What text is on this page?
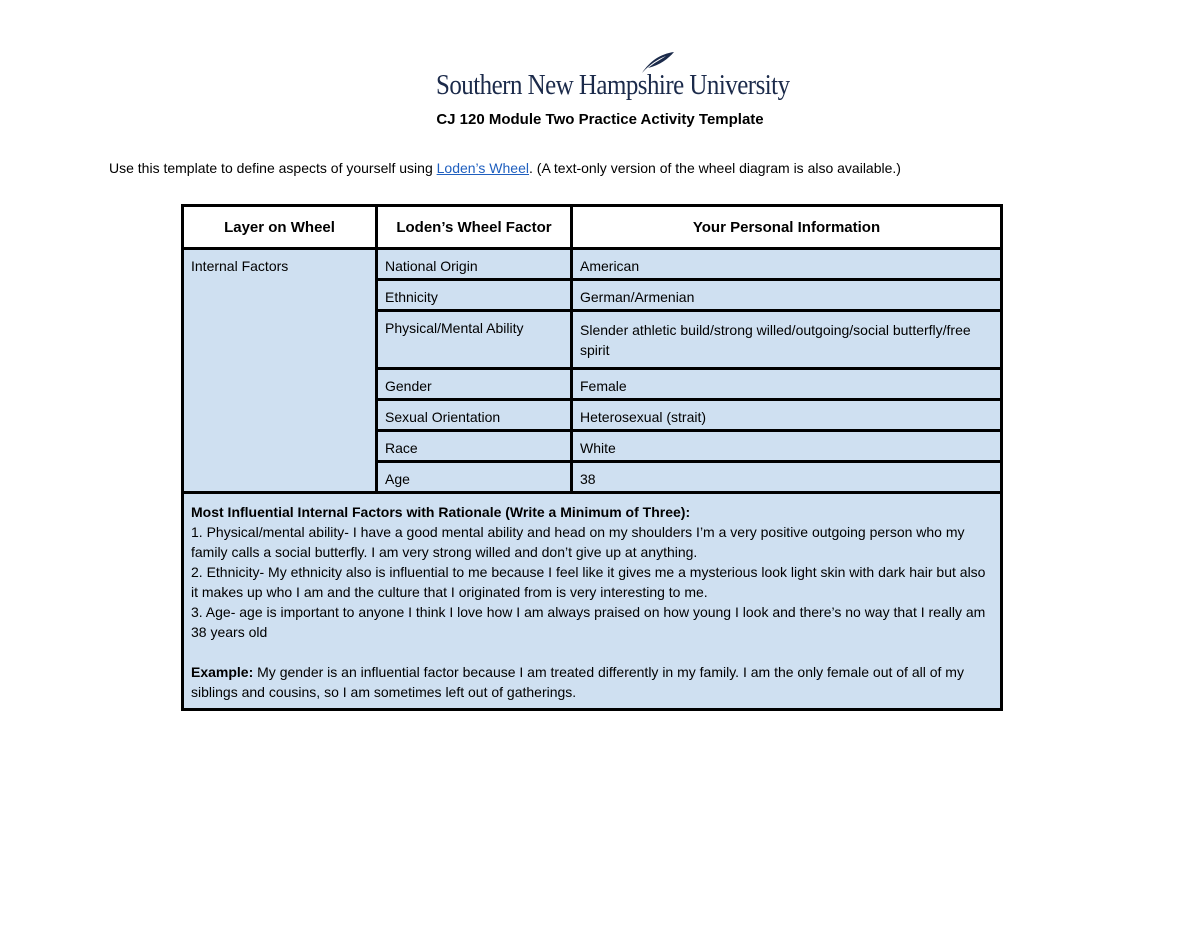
Southern New Hampshire University
CJ 120 Module Two Practice Activity Template
Use this template to define aspects of yourself using Loden’s Wheel. (A text-only version of the wheel diagram is also available.)
Layer on Wheel	Loden’s Wheel Factor	Your Personal Information
Internal Factors	National Origin	American
	Ethnicity	German/Armenian
	Physical/Mental Ability	Slender athletic build/strong willed/outgoing/social butterfly/free spirit
	Gender	Female
	Sexual Orientation	Heterosexual (strait)
	Race	White
	Age	38
Most Influential Internal Factors with Rationale (Write a Minimum of Three):
1. Physical/mental ability- I have a good mental ability and head on my shoulders I’m a very positive outgoing person who my family calls a social butterfly. I am very strong willed and don’t give up at anything.
2. Ethnicity- My ethnicity also is influential to me because I feel like it gives me a mysterious look light skin with dark hair but also it makes up who I am and the culture that I originated from is very interesting to me.
3. Age- age is important to anyone I think I love how I am always praised on how young I look and there’s no way that I really am 38 years old
Example: My gender is an influential factor because I am treated differently in my family. I am the only female out of all of my siblings and cousins, so I am sometimes left out of gatherings.		
